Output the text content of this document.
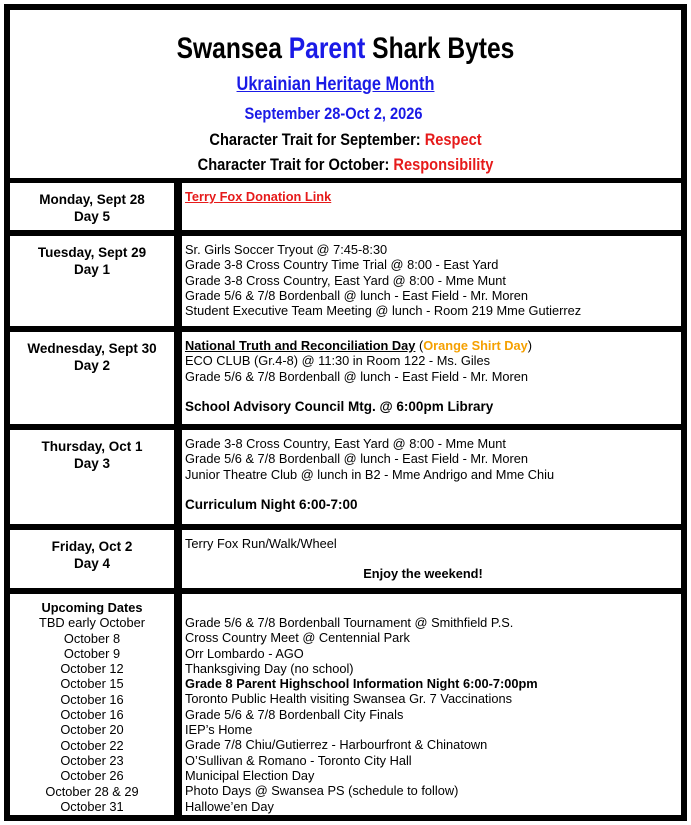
Swansea Parent Shark Bytes
Ukrainian Heritage Month
September 28-Oct 2, 2026
Character Trait for September: Respect
Character Trait for October: Responsibility
Monday, Sept 28
Day 5
Terry Fox Donation Link
Tuesday, Sept 29
Day 1
Sr. Girls Soccer Tryout @ 7:45-8:30
Grade 3-8 Cross Country Time Trial @ 8:00 - East Yard
Grade 3-8 Cross Country, East Yard @ 8:00 - Mme Munt
Grade 5/6 & 7/8 Bordenball @ lunch - East Field - Mr. Moren
Student Executive Team Meeting @ lunch - Room 219 Mme Gutierrez
Wednesday, Sept 30
Day 2
National Truth and Reconciliation Day (Orange Shirt Day)
ECO CLUB (Gr.4-8) @ 11:30 in Room 122 - Ms. Giles
Grade 5/6 & 7/8 Bordenball @ lunch - East Field - Mr. Moren
School Advisory Council Mtg. @ 6:00pm Library
Thursday, Oct 1
Day 3
Grade 3-8 Cross Country, East Yard @ 8:00 - Mme Munt
Grade 5/6 & 7/8 Bordenball @ lunch - East Field - Mr. Moren
Junior Theatre Club @ lunch in B2 - Mme Andrigo and Mme Chiu
Curriculum Night 6:00-7:00
Friday, Oct 2
Day 4
Terry Fox Run/Walk/Wheel
Enjoy the weekend!
Upcoming Dates
TBD early October
October 8
October 9
October 12
October 15
October 16
October 16
October 20
October 22
October 23
October 26
October 28 & 29
October 31
Grade 5/6 & 7/8 Bordenball Tournament @ Smithfield P.S.
Cross Country Meet @ Centennial Park
Orr Lombardo - AGO
Thanksgiving Day (no school)
Grade 8 Parent Highschool Information Night 6:00-7:00pm
Toronto Public Health visiting Swansea Gr. 7 Vaccinations
Grade 5/6 & 7/8 Bordenball City Finals
IEP’s Home
Grade 7/8 Chiu/Gutierrez - Harbourfront & Chinatown
O’Sullivan & Romano - Toronto City Hall
Municipal Election Day
Photo Days @ Swansea PS (schedule to follow)
Hallowe’en Day
